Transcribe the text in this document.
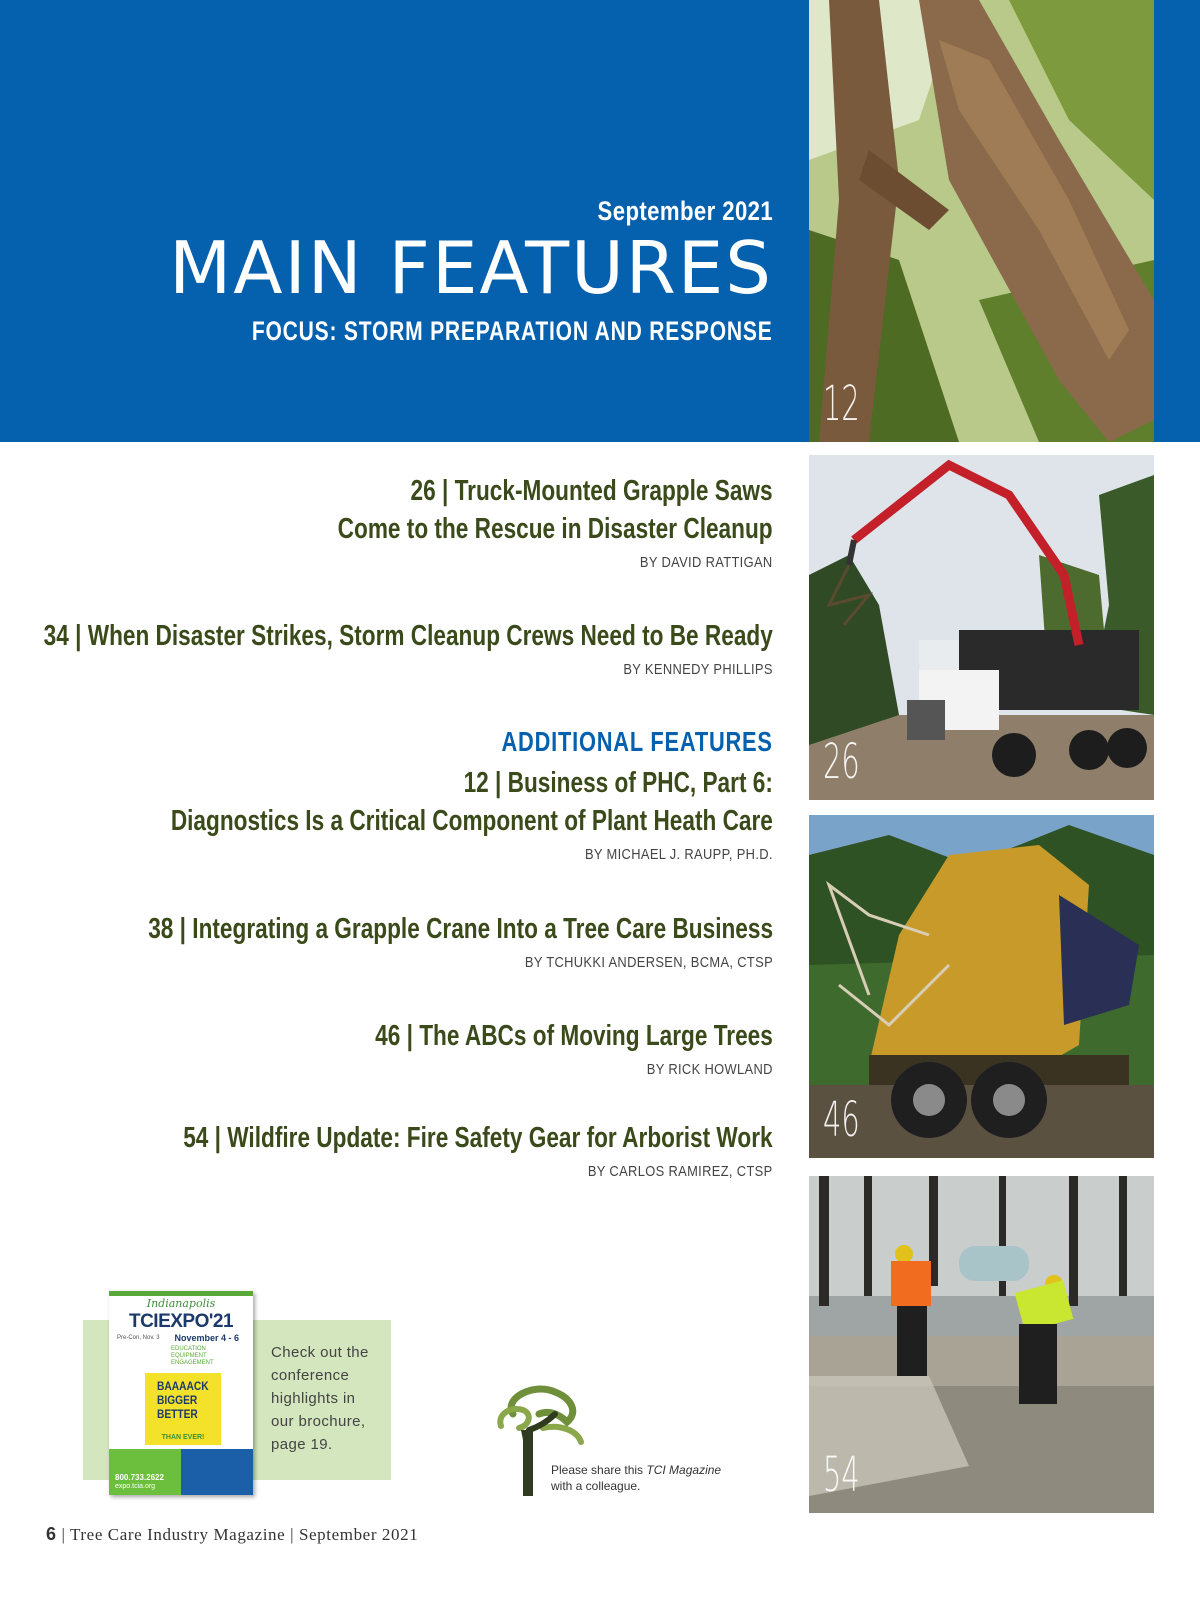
September 2021
MAIN FEATURES
FOCUS: STORM PREPARATION AND RESPONSE
12
26
46
54
26 | Truck-Mounted Grapple Saws
Come to the Rescue in Disaster Cleanup
BY DAVID RATTIGAN
34 | When Disaster Strikes, Storm Cleanup Crews Need to Be Ready
BY KENNEDY PHILLIPS
ADDITIONAL FEATURES
12 | Business of PHC, Part 6:
Diagnostics Is a Critical Component of Plant Heath Care
BY MICHAEL J. RAUPP, PH.D.
38 | Integrating a Grapple Crane Into a Tree Care Business
BY TCHUKKI ANDERSEN, BCMA, CTSP
46 | The ABCs of Moving Large Trees
BY RICK HOWLAND
54 | Wildfire Update: Fire Safety Gear for Arborist Work
BY CARLOS RAMIREZ, CTSP
Indianapolis
TCIEXPO'21
Pre-Con, Nov. 3 November 4 - 6
EDUCATION
EQUIPMENT
ENGAGEMENT
BAAAACK
BIGGER
BETTER
THAN EVER!
800.733.2622
expo.tcia.org
Check out the
conference
highlights in
our brochure,
page 19.
Please share this TCI Magazine
with a colleague.
6 | Tree Care Industry Magazine | September 2021
